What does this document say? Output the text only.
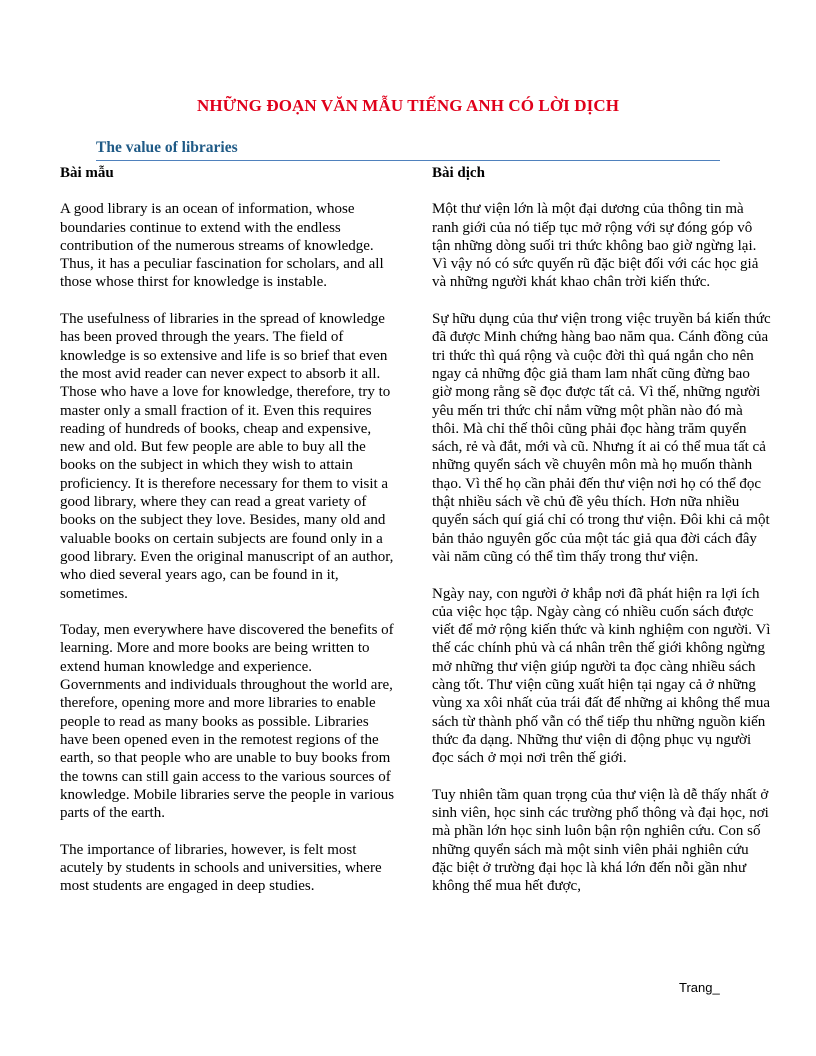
NHỮNG ĐOẠN VĂN MẪU TIẾNG ANH CÓ LỜI DỊCH
The value of libraries
Bài mẫu

A good library is an ocean of information, whose boundaries continue to extend with the endless contribution of the numerous streams of knowledge. Thus, it has a peculiar fascination for scholars, and all those whose thirst for knowledge is instable.

The usefulness of libraries in the spread of knowledge has been proved through the years. The field of knowledge is so extensive and life is so brief that even the most avid reader can never expect to absorb it all. Those who have a love for knowledge, therefore, try to master only a small fraction of it. Even this requires reading of hundreds of books, cheap and expensive, new and old. But few people are able to buy all the books on the subject in which they wish to attain proficiency. It is therefore necessary for them to visit a good library, where they can read a great variety of books on the subject they love. Besides, many old and valuable books on certain subjects are found only in a good library. Even the original manuscript of an author, who died several years ago, can be found in it, sometimes.

Today, men everywhere have discovered the benefits of learning. More and more books are being written to extend human knowledge and experience. Governments and individuals throughout the world are, therefore, opening more and more libraries to enable people to read as many books as possible. Libraries have been opened even in the remotest regions of the earth, so that people who are unable to buy books from the towns can still gain access to the various sources of knowledge. Mobile libraries serve the people in various parts of the earth.

The importance of libraries, however, is felt most acutely by students in schools and universities, where most students are engaged in deep studies.

Bài dịch

Một thư viện lớn là một đại dương của thông tin mà ranh giới của nó tiếp tục mở rộng với sự đóng góp vô tận những dòng suối tri thức không bao giờ ngừng lại. Vì vậy nó có sức quyến rũ đặc biệt đối với các học giả và những người khát khao chân trời kiến thức.

Sự hữu dụng của thư viện trong việc truyền bá kiến thức đã được Minh chứng hàng bao năm qua. Cánh đồng của tri thức thì quá rộng và cuộc đời thì quá ngắn cho nên ngay cả những độc giả tham lam nhất cũng đừng bao giờ mong rằng sẽ đọc được tất cả. Vì thế, những người yêu mến tri thức chỉ nắm vững một phần nào đó mà thôi. Mà chỉ thế thôi cũng phải đọc hàng trăm quyển sách, rẻ và đắt, mới và cũ. Nhưng ít ai có thể mua tất cả những quyển sách về chuyên môn mà họ muốn thành thạo. Vì thế họ cần phải đến thư viện nơi họ có thể đọc thật nhiều sách về chủ đề yêu thích. Hơn nữa nhiều quyển sách quí giá chỉ có trong thư viện. Đôi khi cả một bản thảo nguyên gốc của một tác giả qua đời cách đây vài năm cũng có thể tìm thấy trong thư viện.

Ngày nay, con người ở khắp nơi đã phát hiện ra lợi ích của việc học tập. Ngày càng có nhiều cuốn sách được viết để mở rộng kiến thức và kinh nghiệm con người. Vì thế các chính phủ và cá nhân trên thế giới không ngừng mở những thư viện giúp người ta đọc càng nhiều sách càng tốt. Thư viện cũng xuất hiện tại ngay cả ở những vùng xa xôi nhất của trái đất để những ai không thể mua sách từ thành phố vẫn có thể tiếp thu những nguồn kiến thức đa dạng. Những thư viện di động phục vụ người đọc sách ở mọi nơi trên thế giới.

Tuy nhiên tầm quan trọng của thư viện là dễ thấy nhất ở sinh viên, học sinh các trường phổ thông và đại học, nơi mà phần lớn học sinh luôn bận rộn nghiên cứu. Con số những quyển sách mà một sinh viên phải nghiên cứu đặc biệt ở trường đại học là khá lớn đến nỗi gần như không thể mua hết được,

Trang_
